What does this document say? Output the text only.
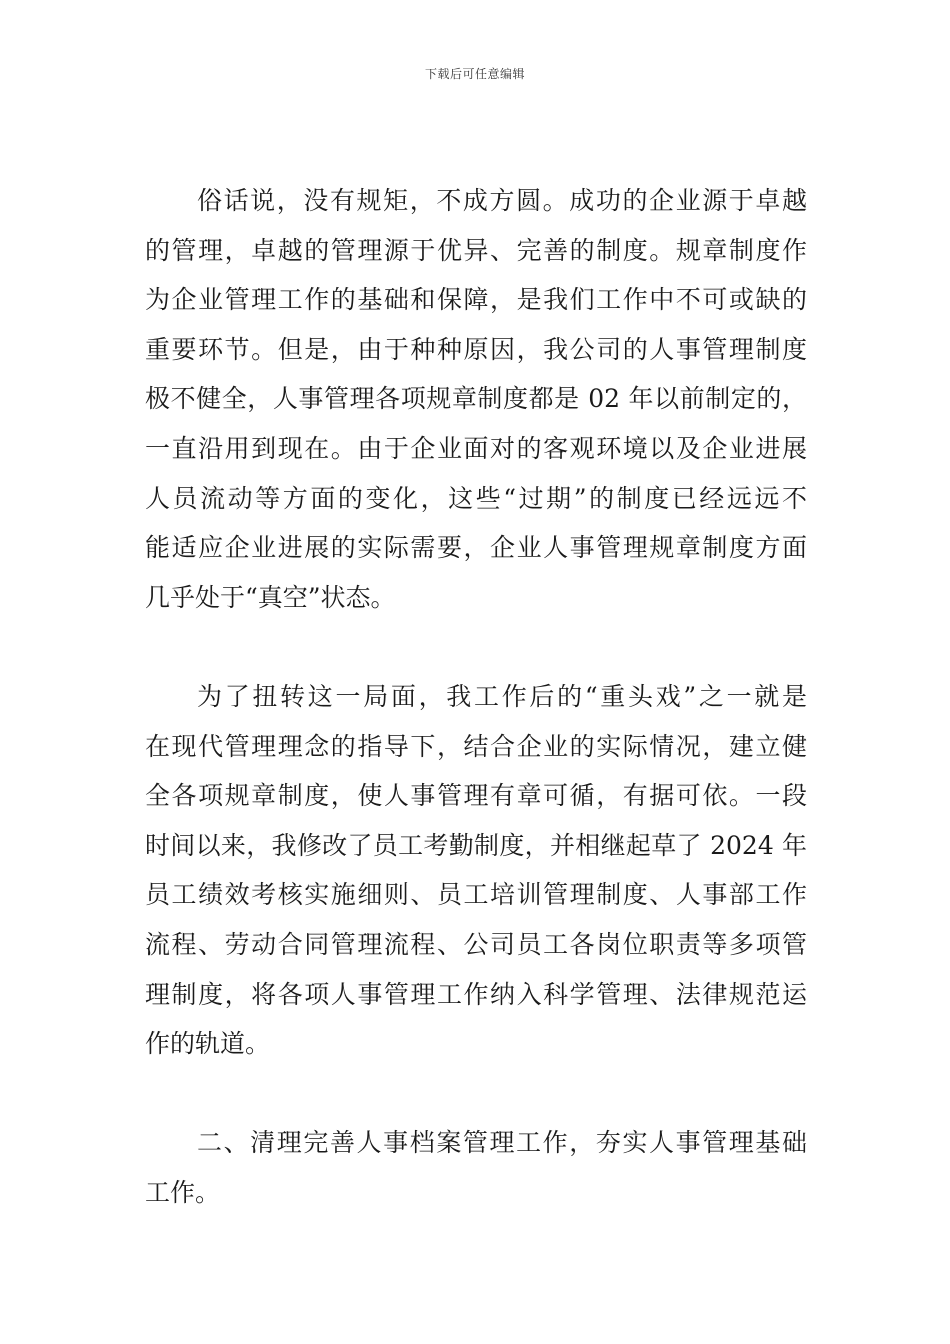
下载后可任意编辑
俗话说，没有规矩，不成方圆。成功的企业源于卓越
的管理，卓越的管理源于优异、完善的制度。规章制度作
为企业管理工作的基础和保障，是我们工作中不可或缺的
重要环节。但是，由于种种原因，我公司的人事管理制度
极不健全，人事管理各项规章制度都是 02 年以前制定的，
一直沿用到现在。由于企业面对的客观环境以及企业进展
人员流动等方面的变化，这些“过期”的制度已经远远不
能适应企业进展的实际需要，企业人事管理规章制度方面
几乎处于“真空”状态。
为了扭转这一局面，我工作后的“重头戏”之一就是
在现代管理理念的指导下，结合企业的实际情况，建立健
全各项规章制度，使人事管理有章可循，有据可依。一段
时间以来，我修改了员工考勤制度，并相继起草了 2024 年
员工绩效考核实施细则、员工培训管理制度、人事部工作
流程、劳动合同管理流程、公司员工各岗位职责等多项管
理制度，将各项人事管理工作纳入科学管理、法律规范运
作的轨道。
二、清理完善人事档案管理工作，夯实人事管理基础
工作。
